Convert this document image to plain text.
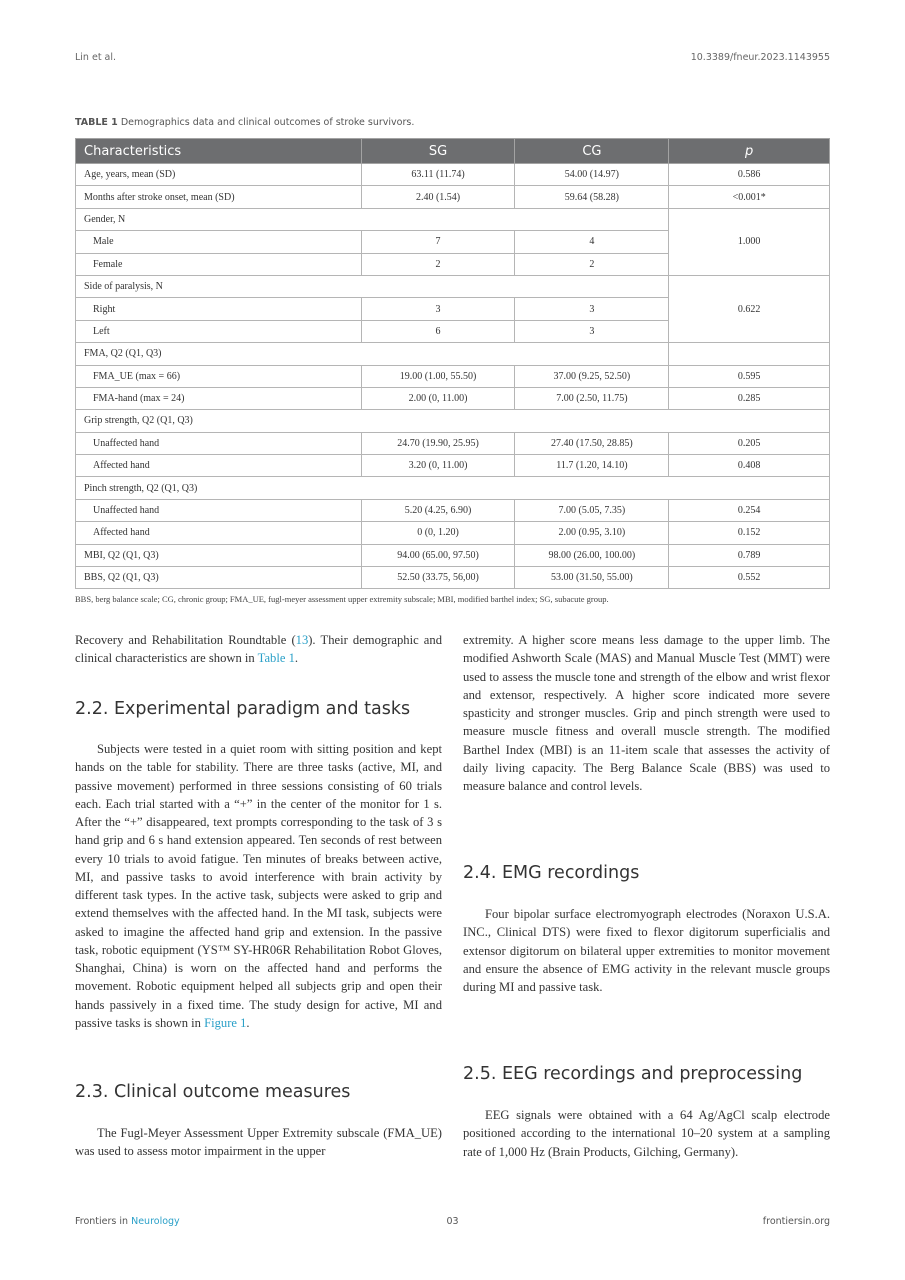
Lin et al.	10.3389/fneur.2023.1143955
TABLE 1 Demographics data and clinical outcomes of stroke survivors.
Characteristics	SG	CG	p
Age, years, mean (SD)	63.11 (11.74)	54.00 (14.97)	0.586
Months after stroke onset, mean (SD)	2.40 (1.54)	59.64 (58.28)	<0.001*
Gender, N			1.000
Male	7	4	
Female	2	2	
Side of paralysis, N			0.622
Right	3	3	
Left	6	3	
FMA, Q2 (Q1, Q3)			
FMA_UE (max = 66)	19.00 (1.00, 55.50)	37.00 (9.25, 52.50)	0.595
FMA-hand (max = 24)	2.00 (0, 11.00)	7.00 (2.50, 11.75)	0.285
Grip strength, Q2 (Q1, Q3)			
Unaffected hand	24.70 (19.90, 25.95)	27.40 (17.50, 28.85)	0.205
Affected hand	3.20 (0, 11.00)	11.7 (1.20, 14.10)	0.408
Pinch strength, Q2 (Q1, Q3)			
Unaffected hand	5.20 (4.25, 6.90)	7.00 (5.05, 7.35)	0.254
Affected hand	0 (0, 1.20)	2.00 (0.95, 3.10)	0.152
MBI, Q2 (Q1, Q3)	94.00 (65.00, 97.50)	98.00 (26.00, 100.00)	0.789
BBS, Q2 (Q1, Q3)	52.50 (33.75, 56,00)	53.00 (31.50, 55.00)	0.552
BBS, berg balance scale; CG, chronic group; FMA_UE, fugl-meyer assessment upper extremity subscale; MBI, modified barthel index; SG, subacute group.

Recovery and Rehabilitation Roundtable (13). Their demographic and clinical characteristics are shown in Table 1.

2.2. Experimental paradigm and tasks

Subjects were tested in a quiet room with sitting position and kept hands on the table for stability. There are three tasks (active, MI, and passive movement) performed in three sessions consisting of 60 trials each. Each trial started with a “+” in the center of the monitor for 1 s. After the “+” disappeared, text prompts corresponding to the task of 3 s hand grip and 6 s hand extension appeared. Ten seconds of rest between every 10 trials to avoid fatigue. Ten minutes of breaks between active, MI, and passive tasks to avoid interference with brain activity by different task types. In the active task, subjects were asked to grip and extend themselves with the affected hand. In the MI task, subjects were asked to imagine the affected hand grip and extension. In the passive task, robotic equipment (YS™ SY-HR06R Rehabilitation Robot Gloves, Shanghai, China) is worn on the affected hand and performs the movement. Robotic equipment helped all subjects grip and open their hands passively in a fixed time. The study design for active, MI and passive tasks is shown in Figure 1.

2.3. Clinical outcome measures

The Fugl-Meyer Assessment Upper Extremity subscale (FMA_UE) was used to assess motor impairment in the upper

extremity. A higher score means less damage to the upper limb. The modified Ashworth Scale (MAS) and Manual Muscle Test (MMT) were used to assess the muscle tone and strength of the elbow and wrist flexor and extensor, respectively. A higher score indicated more severe spasticity and stronger muscles. Grip and pinch strength were used to measure muscle fitness and overall muscle strength. The modified Barthel Index (MBI) is an 11-item scale that assesses the activity of daily living capacity. The Berg Balance Scale (BBS) was used to measure balance and control levels.

2.4. EMG recordings

Four bipolar surface electromyograph electrodes (Noraxon U.S.A. INC., Clinical DTS) were fixed to flexor digitorum superficialis and extensor digitorum on bilateral upper extremities to monitor movement and ensure the absence of EMG activity in the relevant muscle groups during MI and passive task.

2.5. EEG recordings and preprocessing

EEG signals were obtained with a 64 Ag/AgCl scalp electrode positioned according to the international 10–20 system at a sampling rate of 1,000 Hz (Brain Products, Gilching, Germany).

Frontiers in Neurology	03	frontiersin.org
